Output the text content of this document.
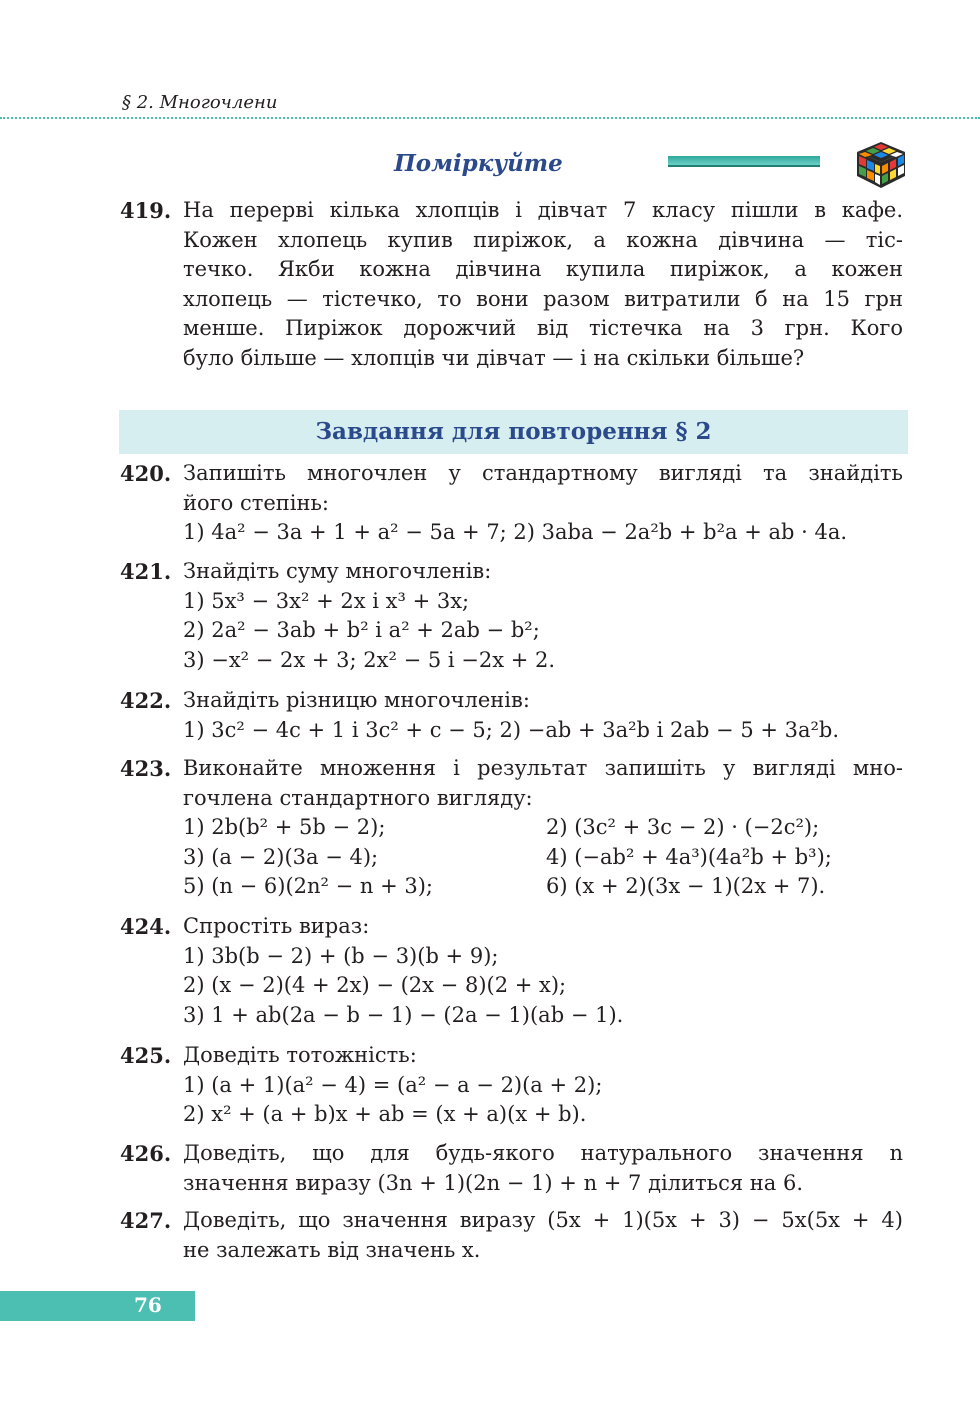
§ 2. Многочлени
Поміркуйте
419. На перерві кілька хлопців і дівчат 7 класу пішли в кафе.
Кожен хлопець купив пиріжок, а кожна дівчина — тіс-
течко. Якби кожна дівчина купила пиріжок, а кожен
хлопець — тістечко, то вони разом витратили б на 15 грн
менше. Пиріжок дорожчий від тістечка на 3 грн. Кого
було більше — хлопців чи дівчат — і на скільки більше?
Завдання для повторення § 2
420. Запишіть многочлен у стандартному вигляді та знайдіть
його степінь:
1) 4a² − 3a + 1 + a² − 5a + 7; 2) 3aba − 2a²b + b²a + ab · 4a.
421. Знайдіть суму многочленів:
1) 5x³ − 3x² + 2x і x³ + 3x;
2) 2a² − 3ab + b² і a² + 2ab − b²;
3) −x² − 2x + 3; 2x² − 5 і −2x + 2.
422. Знайдіть різницю многочленів:
1) 3c² − 4c + 1 і 3c² + c − 5; 2) −ab + 3a²b і 2ab − 5 + 3a²b.
423. Виконайте множення і результат запишіть у вигляді мно-
гочлена стандартного вигляду:
1) 2b(b² + 5b − 2);	2) (3c² + 3c − 2) · (−2c²);
3) (a − 2)(3a − 4);	4) (−ab² + 4a³)(4a²b + b³);
5) (n − 6)(2n² − n + 3);	6) (x + 2)(3x − 1)(2x + 7).
424. Спростіть вираз:
1) 3b(b − 2) + (b − 3)(b + 9);
2) (x − 2)(4 + 2x) − (2x − 8)(2 + x);
3) 1 + ab(2a − b − 1) − (2a − 1)(ab − 1).
425. Доведіть тотожність:
1) (a + 1)(a² − 4) = (a² − a − 2)(a + 2);
2) x² + (a + b)x + ab = (x + a)(x + b).
426. Доведіть, що для будь-якого натурального значення n
значення виразу (3n + 1)(2n − 1) + n + 7 ділиться на 6.
427. Доведіть, що значення виразу (5x + 1)(5x + 3) − 5x(5x + 4)
не залежать від значень x.
76
